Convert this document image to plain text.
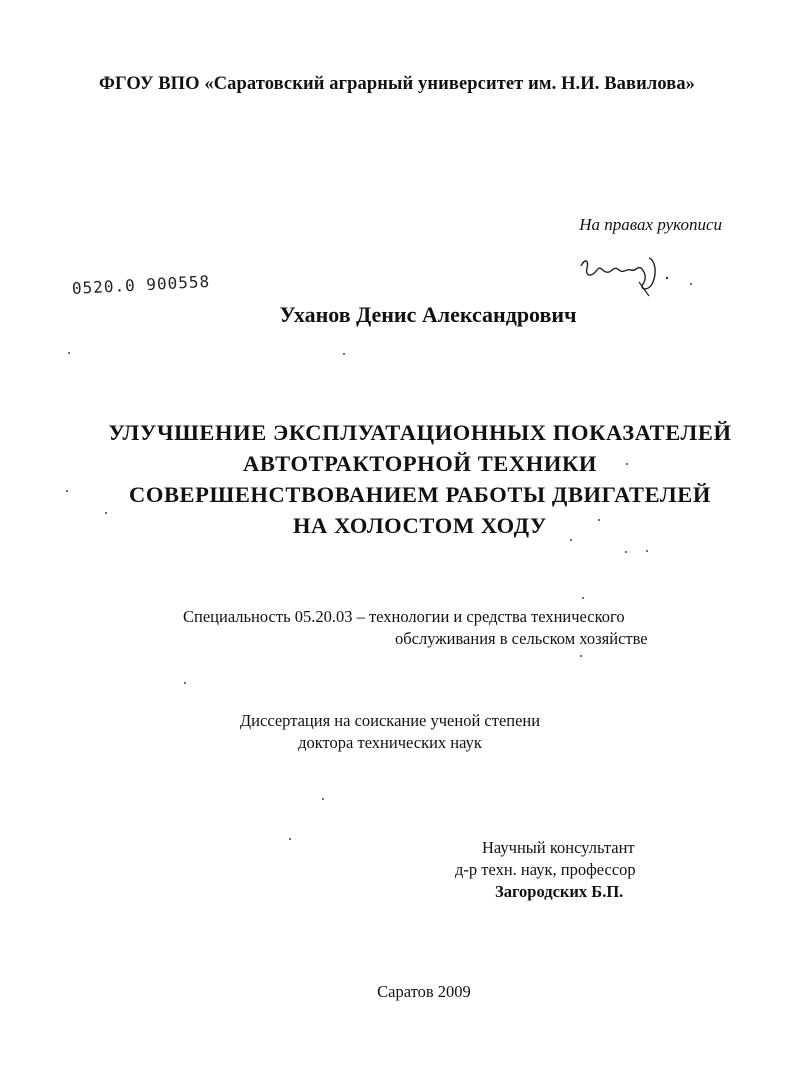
ФГОУ ВПО «Саратовский аграрный университет им. Н.И. Вавилова»

На правах рукописи

0520.0 900558

Уханов Денис Александрович

УЛУЧШЕНИЕ ЭКСПЛУАТАЦИОННЫХ ПОКАЗАТЕЛЕЙ
АВТОТРАКТОРНОЙ ТЕХНИКИ
СОВЕРШЕНСТВОВАНИЕМ РАБОТЫ ДВИГАТЕЛЕЙ
НА ХОЛОСТОМ ХОДУ
Специальность 05.20.03 – технологии и средства технического
обслуживания в сельском хозяйстве
Диссертация на соискание ученой степени
доктора технических наук
Научный консультант
д-р техн. наук, профессор
Загородских Б.П.

Саратов 2009
